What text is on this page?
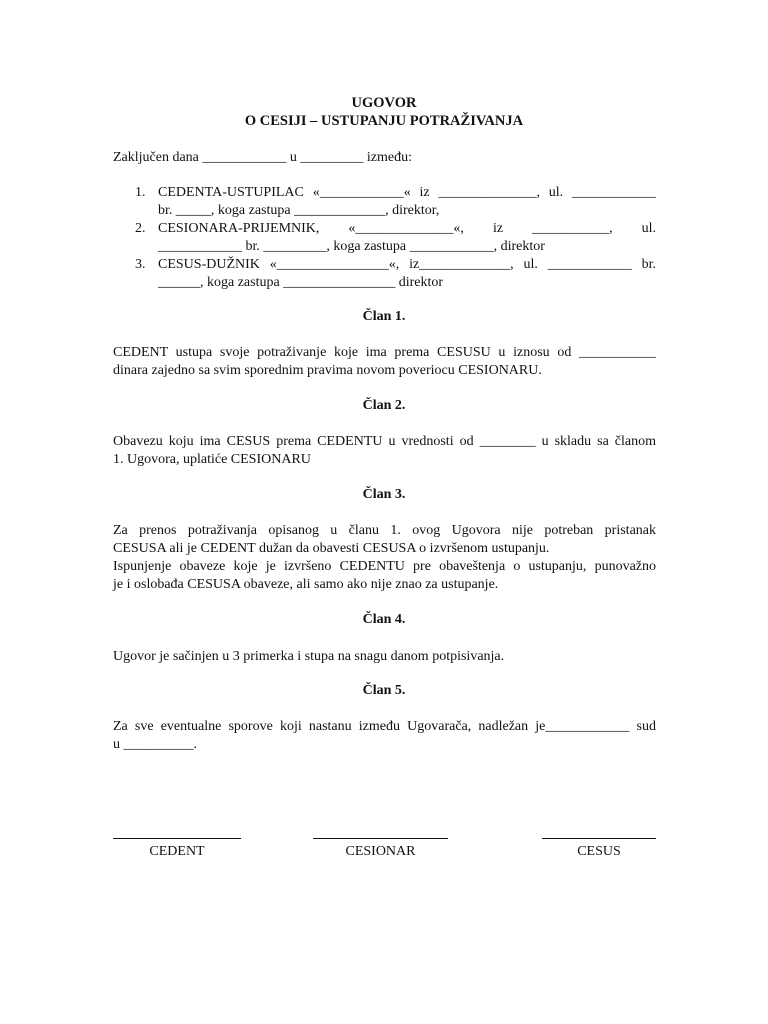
UGOVOR
O CESIJI – USTUPANJU POTRAŽIVANJA
Zaključen dana ____________ u _________ između:
1. CEDENTA-USTUPILAC «____________« iz ______________, ul. ____________
br. _____, koga zastupa _____________, direktor,
2. CESIONARA-PRIJEMNIK, «______________«, iz ___________, ul.
____________ br. _________, koga zastupa ____________, direktor
3. CESUS-DUŽNIK «________________«, iz_____________, ul. ____________ br.
______, koga zastupa ________________ direktor
Član 1.
CEDENT ustupa svoje potraživanje koje ima prema CESUSU u iznosu od ___________
dinara zajedno sa svim sporednim pravima novom poveriocu CESIONARU.
Član 2.
Obavezu koju ima CESUS prema CEDENTU u vrednosti od ________ u skladu sa članom
1. Ugovora, uplatiće CESIONARU
Član 3.
Za prenos potraživanja opisanog u članu 1. ovog Ugovora nije potreban pristanak
CESUSA ali je CEDENT dužan da obavesti CESUSA o izvršenom ustupanju.
Ispunjenje obaveze koje je izvršeno CEDENTU pre obaveštenja o ustupanju, punovažno
je i oslobađa CESUSA obaveze, ali samo ako nije znao za ustupanje.
Član 4.
Ugovor je sačinjen u 3 primerka i stupa na snagu danom potpisivanja.
Član 5.
Za sve eventualne sporove koji nastanu između Ugovarača, nadležan je____________ sud
u __________.
CEDENT	CESIONAR	CESUS
